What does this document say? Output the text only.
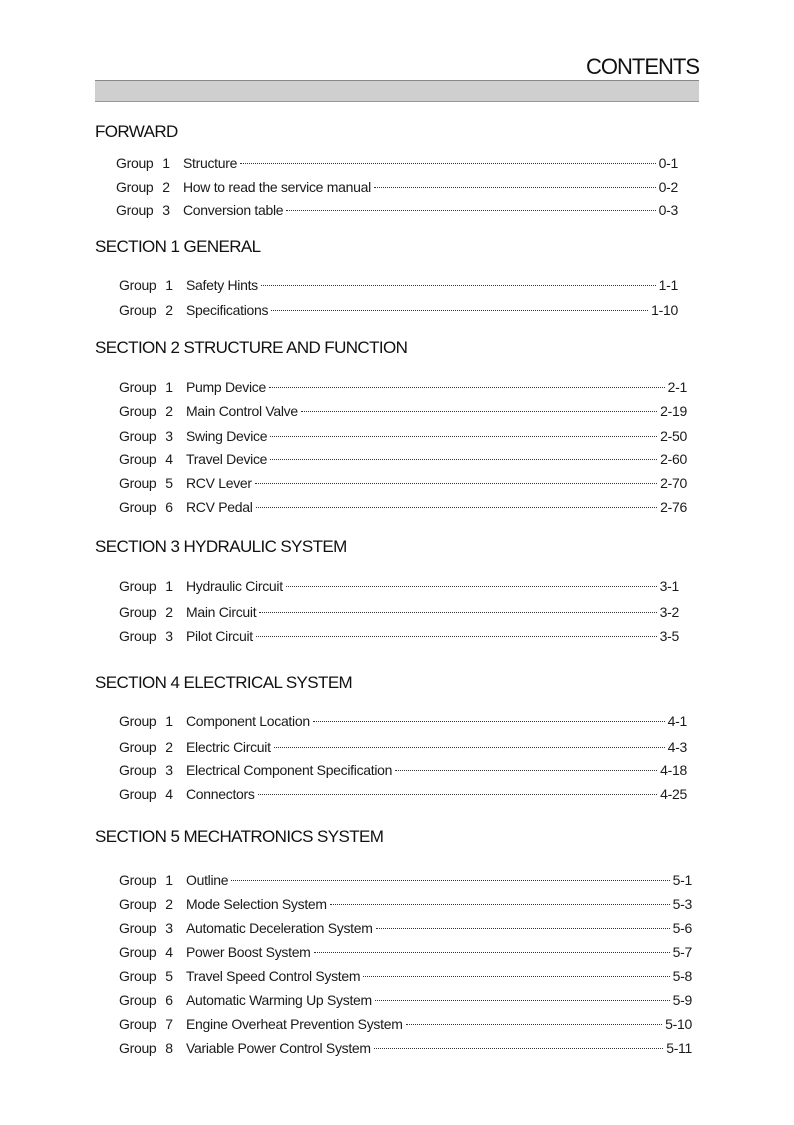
CONTENTS
FORWARD
Group 1 Structure	0-1
Group 2 How to read the service manual	0-2
Group 3 Conversion table	0-3
SECTION 1 GENERAL
Group 1 Safety Hints	1-1
Group 2 Specifications	1-10
SECTION 2 STRUCTURE AND FUNCTION
Group 1 Pump Device	2-1
Group 2 Main Control Valve	2-19
Group 3 Swing Device	2-50
Group 4 Travel Device	2-60
Group 5 RCV Lever	2-70
Group 6 RCV Pedal	2-76
SECTION 3 HYDRAULIC SYSTEM
Group 1 Hydraulic Circuit	3-1
Group 2 Main Circuit	3-2
Group 3 Pilot Circuit	3-5
SECTION 4 ELECTRICAL SYSTEM
Group 1 Component Location	4-1
Group 2 Electric Circuit	4-3
Group 3 Electrical Component Specification	4-18
Group 4 Connectors	4-25
SECTION 5 MECHATRONICS SYSTEM
Group 1 Outline	5-1
Group 2 Mode Selection System	5-3
Group 3 Automatic Deceleration System	5-6
Group 4 Power Boost System	5-7
Group 5 Travel Speed Control System	5-8
Group 6 Automatic Warming Up System	5-9
Group 7 Engine Overheat Prevention System	5-10
Group 8 Variable Power Control System	5-11
